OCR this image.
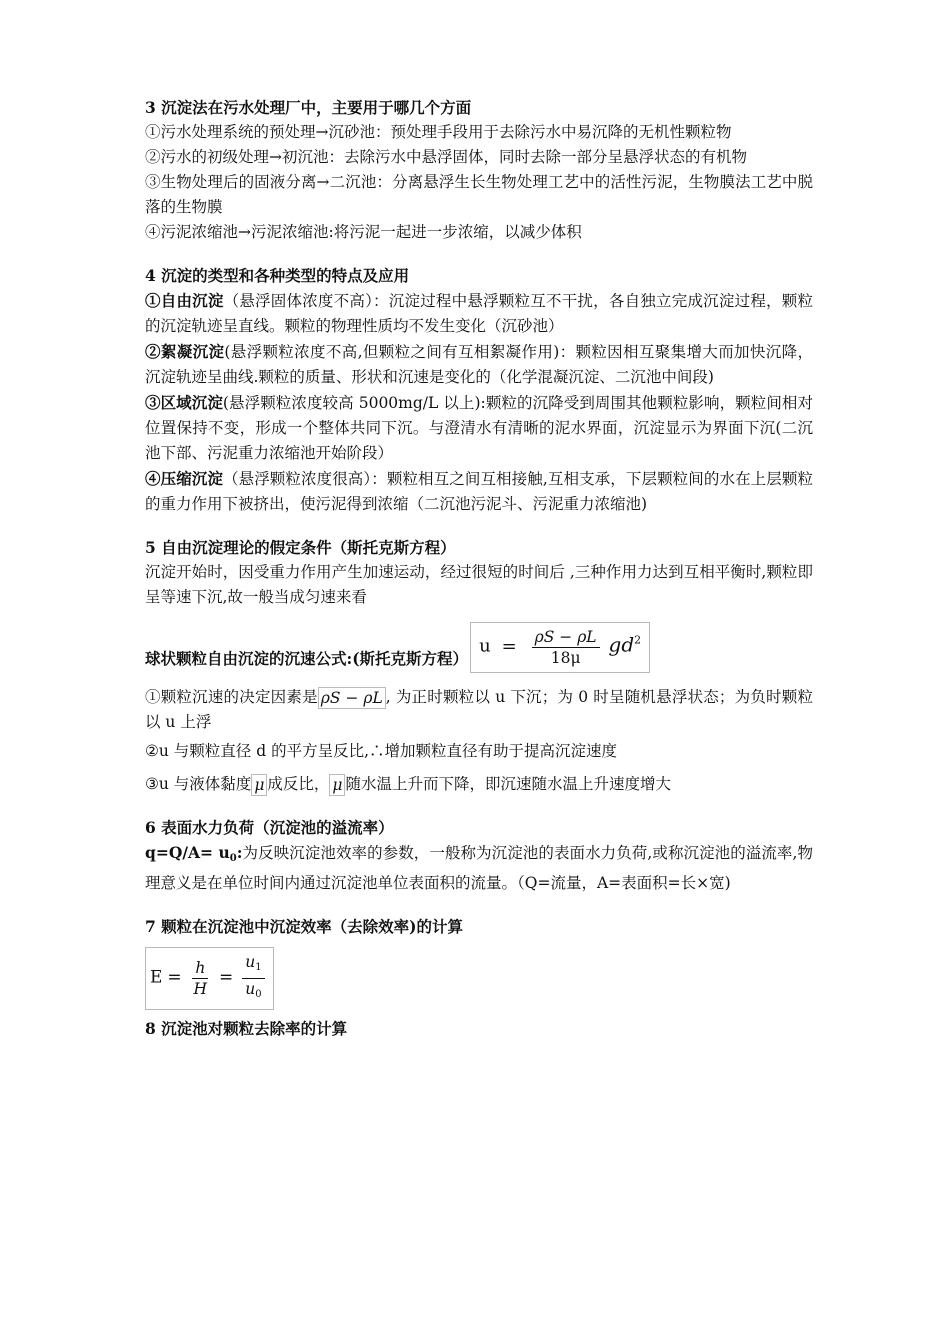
3 沉淀法在污水处理厂中，主要用于哪几个方面

①污水处理系统的预处理→沉砂池：预处理手段用于去除污水中易沉降的无机性颗粒物

②污水的初级处理→初沉池：去除污水中悬浮固体，同时去除一部分呈悬浮状态的有机物

③生物处理后的固液分离→二沉池：分离悬浮生长生物处理工艺中的活性污泥，生物膜法工艺中脱落的生物膜

④污泥浓缩池→污泥浓缩池:将污泥一起进一步浓缩，以减少体积

4 沉淀的类型和各种类型的特点及应用

①自由沉淀（悬浮固体浓度不高）：沉淀过程中悬浮颗粒互不干扰，各自独立完成沉淀过程，颗粒的沉淀轨迹呈直线。颗粒的物理性质均不发生变化（沉砂池）

②絮凝沉淀(悬浮颗粒浓度不高,但颗粒之间有互相絮凝作用)：颗粒因相互聚集增大而加快沉降，沉淀轨迹呈曲线.颗粒的质量、形状和沉速是变化的（化学混凝沉淀、二沉池中间段)

③区域沉淀(悬浮颗粒浓度较高 5000mg/L 以上):颗粒的沉降受到周围其他颗粒影响，颗粒间相对位置保持不变，形成一个整体共同下沉。与澄清水有清晰的泥水界面，沉淀显示为界面下沉(二沉池下部、污泥重力浓缩池开始阶段）

④压缩沉淀（悬浮颗粒浓度很高）：颗粒相互之间互相接触,互相支承，下层颗粒间的水在上层颗粒的重力作用下被挤出，使污泥得到浓缩（二沉池污泥斗、污泥重力浓缩池)

5 自由沉淀理论的假定条件（斯托克斯方程）

沉淀开始时，因受重力作用产生加速运动，经过很短的时间后 ,三种作用力达到互相平衡时,颗粒即呈等速下沉,故一般当成匀速来看

球状颗粒自由沉淀的沉速公式:(斯托克斯方程）
$u = \frac{\rho S - \rho L}{18\mu} gd^2$

①颗粒沉速的决定因素是 ρS − ρL , 为正时颗粒以 u 下沉；为 0 时呈随机悬浮状态；为负时颗粒以 u 上浮

②u 与颗粒直径 d 的平方呈反比,∴增加颗粒直径有助于提高沉淀速度

③u 与液体黏度 μ 成反比， μ 随水温上升而下降，即沉速随水温上升速度增大

6 表面水力负荷（沉淀池的溢流率）

$q=Q/A= u_0$:为反映沉淀池效率的参数，一般称为沉淀池的表面水力负荷,或称沉淀池的溢流率,物理意义是在单位时间内通过沉淀池单位表面积的流量。（Q=流量，A=表面积=长×宽)

7 颗粒在沉淀池中沉淀效率（去除效率)的计算
$E = \frac{h}{H} = \frac{u_1}{u_0}$
8 沉淀池对颗粒去除率的计算
